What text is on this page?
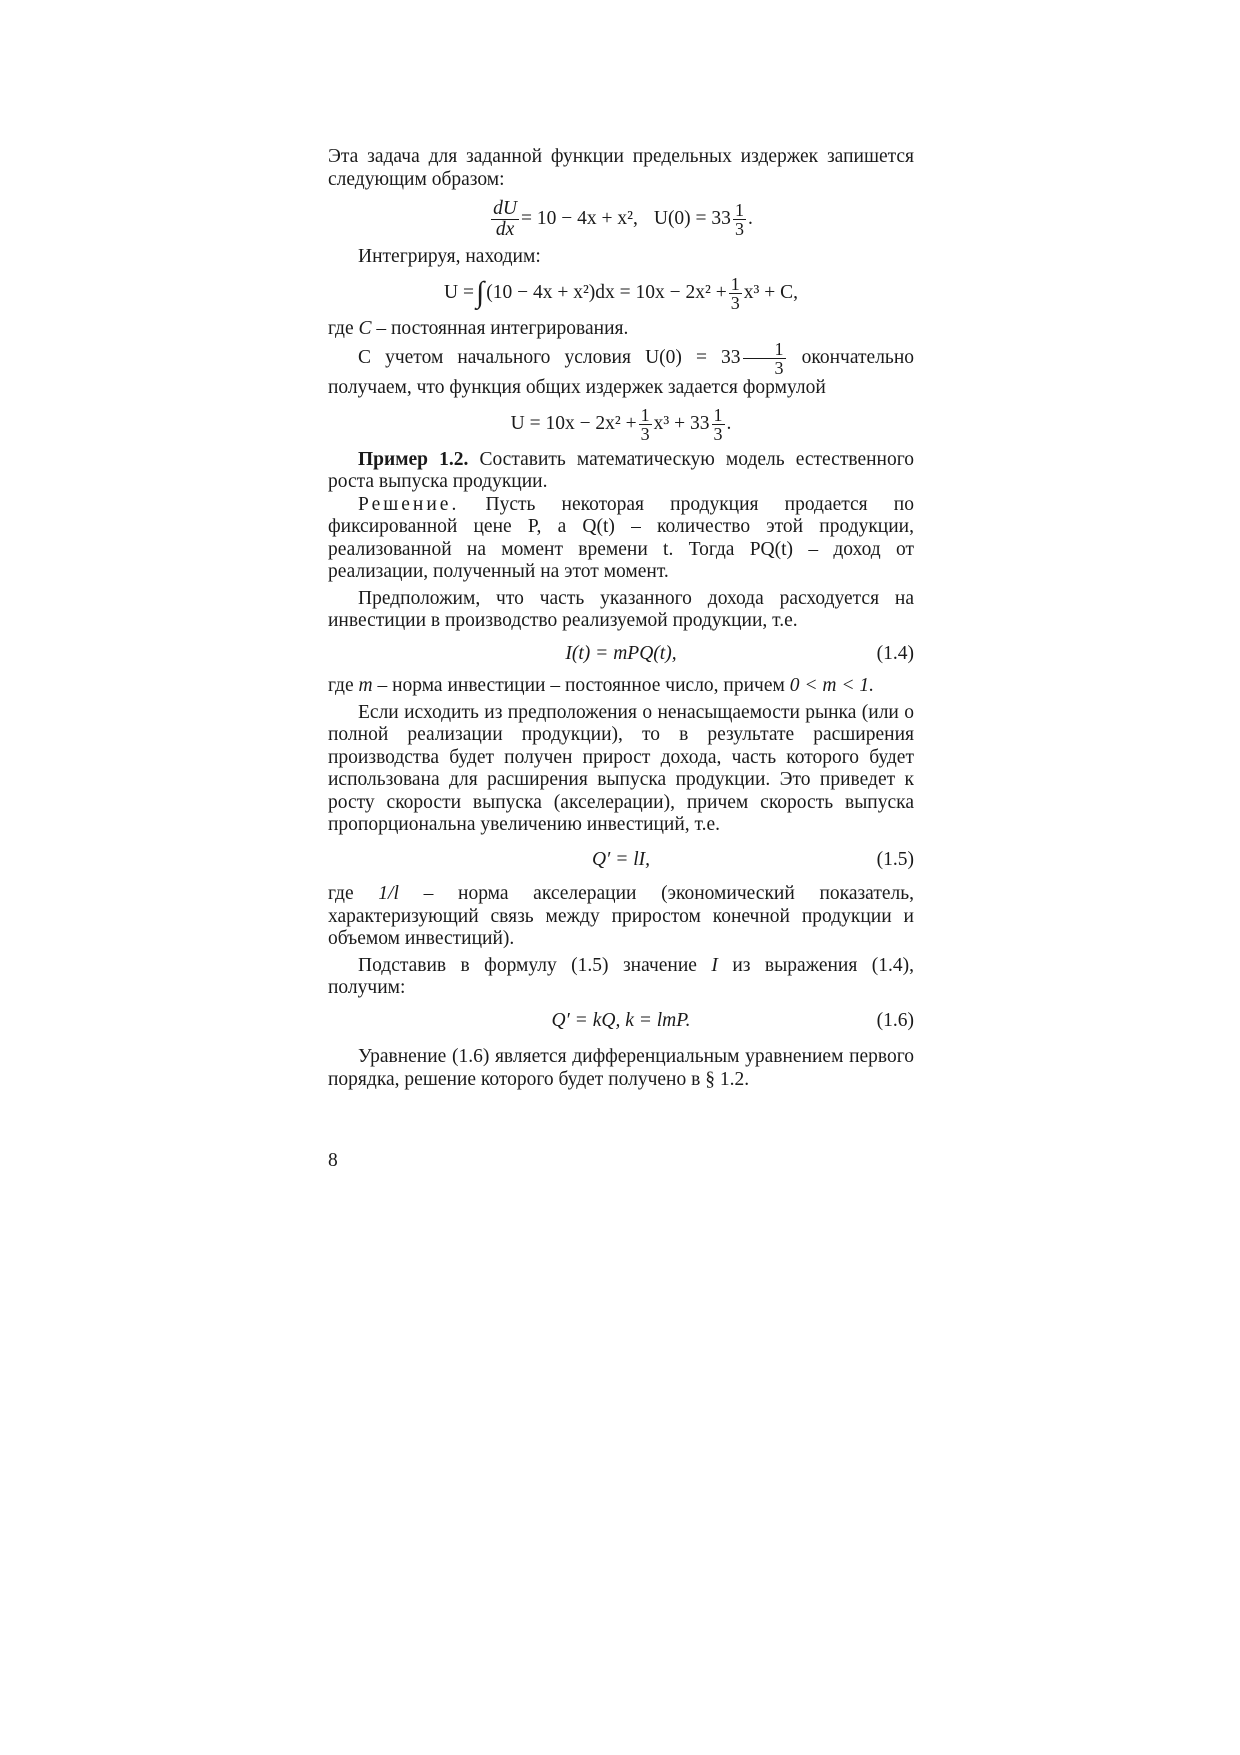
Эта задача для заданной функции предельных издержек запишется следующим образом:

$\frac{dU}{dx} = 10 - 4x + x^2$, $U(0) = 33 \frac{1}{3}$ .

Интегрируя, находим:

U = ∫ $(10 - 4x + x^2)dx = 10x - 2x^2 + \frac{1}{3} x^3 + C$,

где C – постоянная интегрирования.

С учетом начального условия $U(0) = 33 \frac{1}{3}$ окончательно получаем, что функция общих издержек задается формулой

$U = 10x - 2x^2 + \frac{1}{3} x^3 + 33 \frac{1}{3}$ .

Пример 1.2. Составить математическую модель естественного роста выпуска продукции.

Решение. Пусть некоторая продукция продается по фиксированной цене P, а Q(t) – количество этой продукции, реализованной на момент времени t. Тогда PQ(t) – доход от реализации, полученный на этот момент.

Предположим, что часть указанного дохода расходуется на инвестиции в производство реализуемой продукции, т.е.

I(t) = mPQ(t),	(1.4)

где m – норма инвестиции – постоянное число, причем 0 < m < 1.

Если исходить из предположения о ненасыщаемости рынка (или о полной реализации продукции), то в результате расширения производства будет получен прирост дохода, часть которого будет использована для расширения выпуска продукции. Это приведет к росту скорости выпуска (акселерации), причем скорость выпуска пропорциональна увеличению инвестиций, т.е.

Q′ = lI,	(1.5)

где 1/l – норма акселерации (экономический показатель, характеризующий связь между приростом конечной продукции и объемом инвестиций).

Подставив в формулу (1.5) значение I из выражения (1.4), получим:

Q′ = kQ, k = lmP.	(1.6)

Уравнение (1.6) является дифференциальным уравнением первого порядка, решение которого будет получено в § 1.2.

8
